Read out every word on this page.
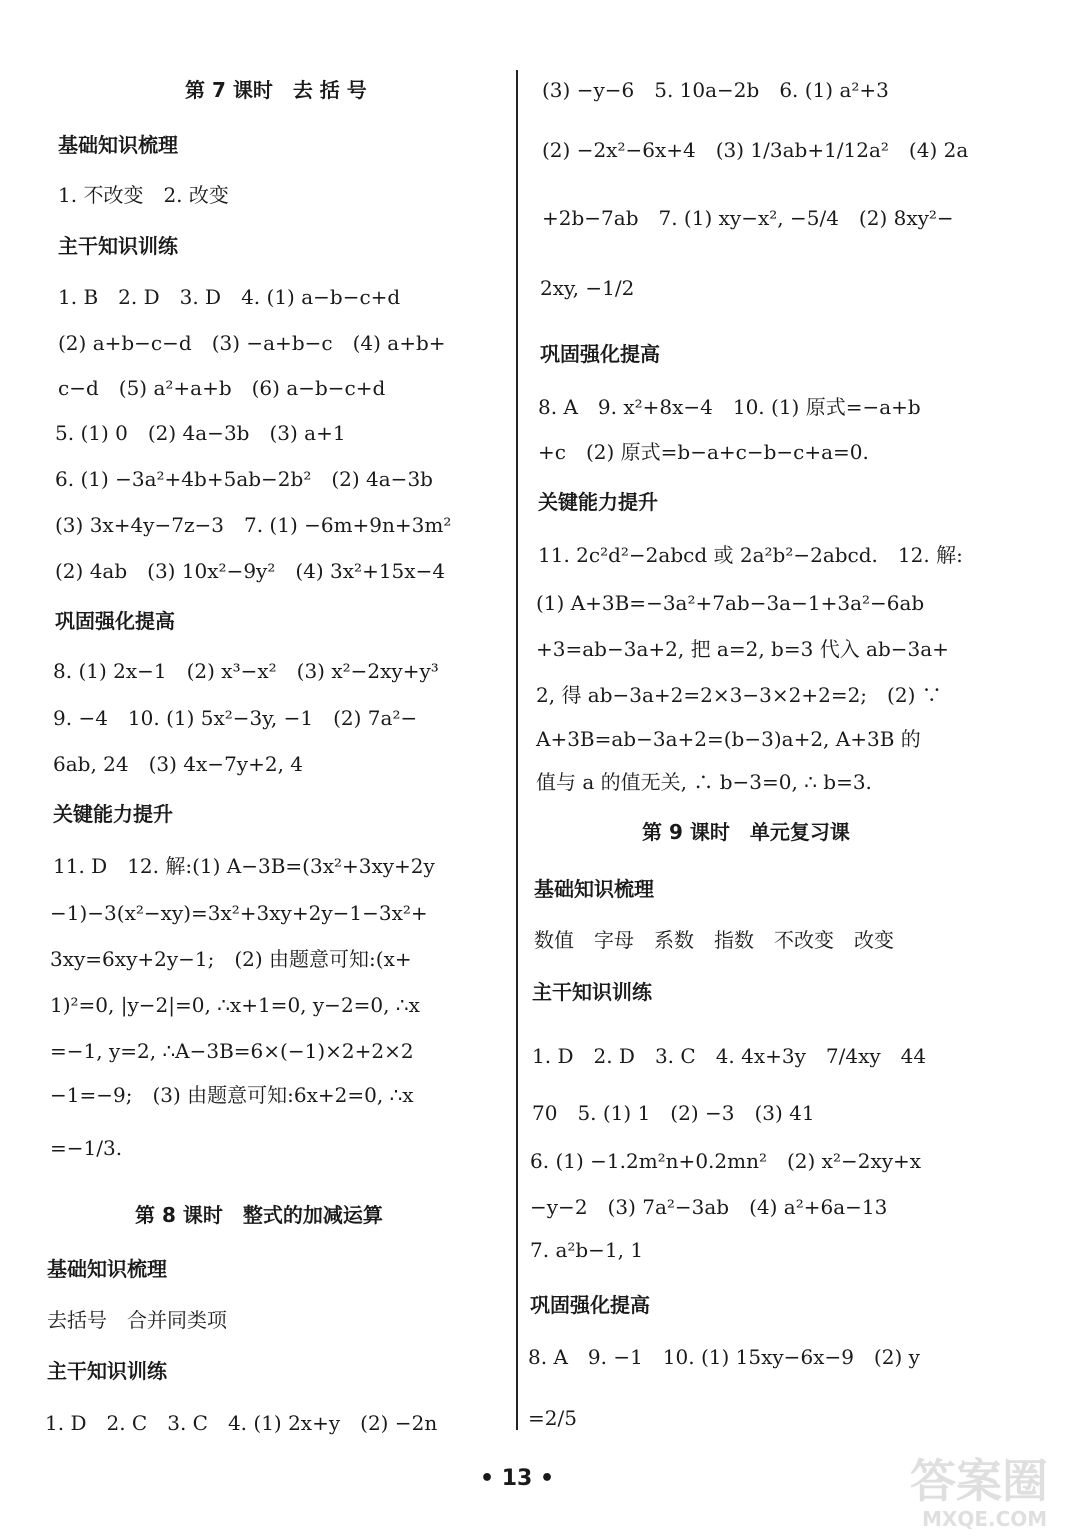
第 7 课时　去 括 号
基础知识梳理
1. 不改变　2. 改变
主干知识训练
1. B　2. D　3. D　4. (1) a−b−c+d
(2) a+b−c−d　(3) −a+b−c　(4) a+b+
c−d　(5) a²+a+b　(6) a−b−c+d
5. (1) 0　(2) 4a−3b　(3) a+1
6. (1) −3a²+4b+5ab−2b²　(2) 4a−3b
(3) 3x+4y−7z−3　7. (1) −6m+9n+3m²
(2) 4ab　(3) 10x²−9y²　(4) 3x²+15x−4
巩固强化提高
8. (1) 2x−1　(2) x³−x²　(3) x²−2xy+y³
9. −4　10. (1) 5x²−3y, −1　(2) 7a²−
6ab, 24　(3) 4x−7y+2, 4
关键能力提升
11. D　12. 解:(1) A−3B=(3x²+3xy+2y
−1)−3(x²−xy)=3x²+3xy+2y−1−3x²+
3xy=6xy+2y−1;　(2) 由题意可知:(x+
1)²=0, |y−2|=0, ∴x+1=0, y−2=0, ∴x
=−1, y=2, ∴A−3B=6×(−1)×2+2×2
−1=−9;　(3) 由题意可知:6x+2=0, ∴x
=−1/3.
第 8 课时　整式的加减运算
基础知识梳理
去括号　合并同类项
主干知识训练
1. D　2. C　3. C　4. (1) 2x+y　(2) −2n
(3) −y−6　5. 10a−2b　6. (1) a²+3
(2) −2x²−6x+4　(3) 1/3ab+1/12a²　(4) 2a
+2b−7ab　7. (1) xy−x², −5/4　(2) 8xy²−
2xy, −1/2
巩固强化提高
8. A　9. x²+8x−4　10. (1) 原式=−a+b
+c　(2) 原式=b−a+c−b−c+a=0.
关键能力提升
11. 2c²d²−2abcd 或 2a²b²−2abcd.　12. 解:
(1) A+3B=−3a²+7ab−3a−1+3a²−6ab
+3=ab−3a+2, 把 a=2, b=3 代入 ab−3a+
2, 得 ab−3a+2=2×3−3×2+2=2;　(2) ∵
A+3B=ab−3a+2=(b−3)a+2, A+3B 的
值与 a 的值无关, ∴ b−3=0, ∴ b=3.
第 9 课时　单元复习课
基础知识梳理
数值　字母　系数　指数　不改变　改变
主干知识训练
1. D　2. D　3. C　4. 4x+3y　7/4xy　44
70　5. (1) 1　(2) −3　(3) 41
6. (1) −1.2m²n+0.2mn²　(2) x²−2xy+x
−y−2　(3) 7a²−3ab　(4) a²+6a−13
7. a²b−1, 1
巩固强化提高
8. A　9. −1　10. (1) 15xy−6x−9　(2) y
=2/5
• 13 •	答案圈
MXQE.COM
